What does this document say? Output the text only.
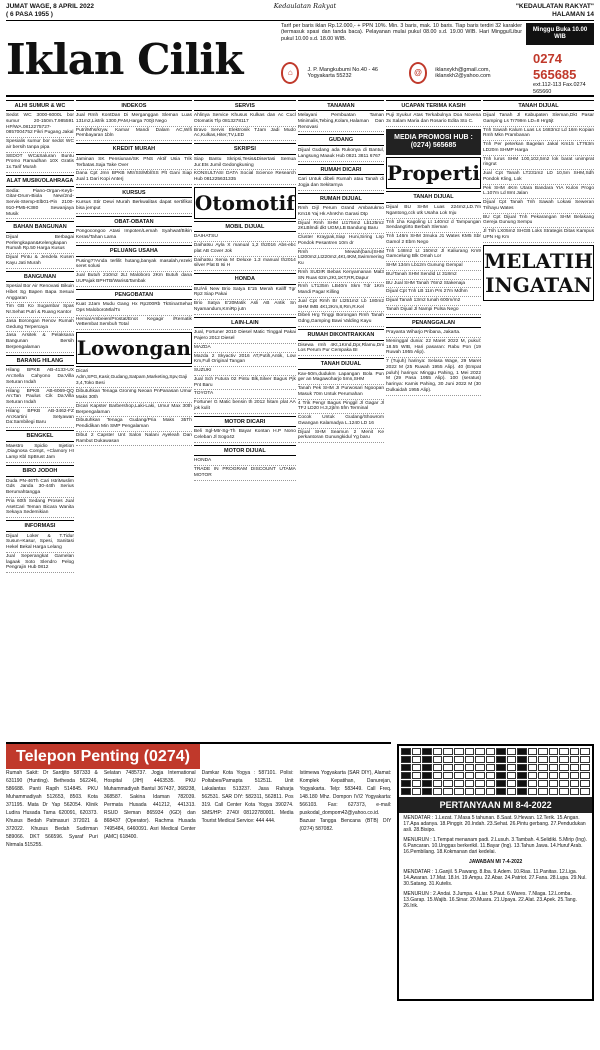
JUMAT WAGE, 8 APRIL 2022
( 6 PASA 1955 )
Kedaulatan Rakyat	"KEDAULATAN RAKYAT"
HALAMAN 14
Iklan Cilik

Tarif per baris iklan Rp.12.000,- + PPN 10%. Min. 3 baris, mak. 10 baris. Tiap baris terdiri 32 karakter (termasuk spasi dan tanda baca). Pelayanan mulai pukul 08.00 s.d. 19.00 WIB. Hari Minggu/Libur pukul 10.00 s.d. 18.00 WIB.

Minggu Buka 10.00 WIB
⌂	J. P. Mangkubumi No.40 - 46 Yogyakarta 55232	@	iklanxykh@gmail.com, iklanxkh2@yahoo.com
0274 565685
ext.112-113 Fax.0274 565660
ALHI SUMUR & WC
Sedot WC 3000-6000L bor sumur 20-150m.T.985591 HP/WA.0812275727-0857004752 Fikri Pugang Jakal
Spesialis sumur bor sedot WC air bersih tanpa pipa
SEDOT WC&Saluran Buntu Promo Ramadhan 10X Gratis 1x.Tarif Murah
ALAT MUSIK/OLAHRAGA
Sedia: Piano-Organ-Keyb-Gitar-Drum-Biola New/2nd-Servis-Stemp-Elb01-Pin 2100-910-PM5-K380 Sewanjaya Musik
BAHAN BANGUNAN
Dijual Berbagai Perlengkapan&Kelengkapan Rumah Rp.50 Harga Kusus
Dijual Pintu & Jendela Kusen Kayu Jati Murah
BANGUNAN
Spesial Bor Air Renovasi Bikuin Hibet Sg Bapen Bapa Sesuai Anggaran
Tim GB Ko Sugambar Spas Nr.Sehat Putri & Ruang Kantor
Jasa Borongan Renov Rumah Gedung Terpercaya
Jasa Arsitek & Pelaksana Bangunan Bersih Berpengalaman
BARANG HILANG
Hilang BPKB AB-4133-UX An:Sella Cahyono Da:Villa Seturan Indah
Hilang BPKB AB-6069-QQ An:Tan Paulus Cik Da:Villa Seturan Indah
Hilang BPKB AB-3462-FZ An:Kartini Setyawan Da:Sambilegi Baru
BENGKEL
Maestro Spidio Injetion ,Diagnosa Compt, +Clamory HI Lamp Kbl SpBrust Jam
BIRO JODOH
Duda PN-46Th Cari IstriMuslim Gds Janda 30-44th Serius Berumahtangga
Pria 60th Sedang Proses Jual AsetCari Teman Bicara Wanita Sekaya Sedemikian
INFORMASI
Dijual Loker & T.Tidur Susun+Kasur, Spesi, Sanitasi Hekel Bekal Harga Lelang
Jual Seperangkat Gamelan lagaak Soto Slendro Pelog Pengrajin Hub 0812
INDEKOS
Jual Rmh KontDan Di Merganggan Sleman Luas 131m2,Listrik 1300,PAM,Harga 700jt Nego
Putri/Mhs/kryw. Kamar Mandi Dalam AC,Wifi Pembayaran 1bln
KREDIT MURAH
Jaminan SK Pensiunan/SK PNS Aktif Usia Trik Terbatas.Saja Take Over
Dana Cpt Jmn BPKB Mtr/SS/Mbl/SS Plt Gani Siap Jual 1 Dari Kopi Anterj
KURSUS
Kursus Stir Dewi Murah Berkwalitas dapat sertifikat bisa jemput
OBAT-OBATAN
Pongocongoo Atasi Impoten/Lemah Syahwat/Bikin Keras/Tahan Lama
PELUANG USAHA
Pusing??Anda terlilit hutang,banyak masalah,rezeki seret solusi
Jual Butuh 210m2 2Lt Maloboro 2Km Butuh dana UUPajak BPHTB/Waris&Tambak
PENGOBATAN
Kuat 2Jam Mudu Gang Hx Rp200Rb TkSinarSehat Ops MaloboroMlalTx
Hemia/Ambeien/Prostat/Enot Kegagir /Rematik VeBembat Sembuh Total
Lowongan
Dicari Adm,SPG,Kasir,Gudang,Satpam,Marketing,Spv,Gaji 3,4,Toko Besi
Dibutuhkan Tenaga Gronmg Neoan PnPanasan Umur Maks 30th
Dicari Kapster Barbershop,Laki-Laki, Umur Max 30th Berpengalaman
Dibutuhkan Tenaga Gudang/Pria Maks 35Th Pendidikan Min SMP Pengalaman
Dibut 2 Capster Unt Salon Nalani Ayeleah Dan Rambut Dukawasan
SERVIS
Ahlinya Service Khusus Kulkas dan Ac Cucl Otomatis Tlp 0813278117
Bravo Servis Elektronik TJam Jadi Mudo Ac,Kulkas,Hiter,TV,LED
SKRIPSI
Siap Bantu Skripsi,Tesis&Disertasi Semua Jur.Ets Jumil Gedongkuning
KONSULTASI DATA Social Science Research Hub 081225631335
Otomotif
MOBIL DIJUAL
DAIHATSU
Daihatsu Ayla X manual 1,2 th2016 Abs-ebc plat AB Cover Jok
Daihatsu Xenia M Deluxe 1.3 manual th2014 silver Plat B Isi H
HONDA
BU/Ali New Brio Satya E'15 Merah Kaliff Tgr Rp2 Siap Pakai
Brio Satya E'20Matik Asli AB Antik Sn Nyamandum,KmiRp jutn
LAIN-LAIN
Jual, Fortuner 2010 Diesel Matic Tinggal Pakai Pajero 2012 Diesel
MAZDA
Mazda 2 Skyactiv 2016 AT,Putih,Antik, Low Km,Full Original Tangan
SUZUKI
Jual Sch Futura 02 Pintu Blk,Silver Bagus Pjk Pnt Baru
TOYOTA
Fortuner G Matic bensin th 2012 hitam plat AA jok kulit
MOTOR DICARI
Beli Sgl-Mtr-Sg-Th Bayar Kontan H.P Nono Celeban Jl Sogo42
MOTOR DIJUAL
HONDA
TRADE IN PROGRAM DISCOUNT UTAMA MOTOR
TANAMAN
Melayani Pembuatan Taman Minimalis,Tebing,Kolam,Halaman Dan Renovasi
GUDANG
Dijual Gudang ada Rukonya di Bantul, Langsung Maauk Hub 0821 3811 6767
RUMAH DICARI
Cari Untuk dibeli Rumah atau Tanah di Jogja dan Sekitarnya
RUMAH DIJUAL
Rmh Dijl Perum Grand Ambarukmo Km16 Yaj Hk AhnKhn Garasi Dtp
Dijual Rmh SHM Lt175m2 Lb125m2 2KLBlmdi dkt UGM,LB Bandung Baru
Cluster Kraypak,Siap Huni,Siring Lnp Pondok Pesantren 10m dr
Rmh Mewah(baru)SHM Lt200m2,Lt220m2,4Kt,4KM,Swimmering Ku
Rmh SUDIR Bebas Kenyamanan Mal3 SN Ruas 62m,2Kt,1KT,RR,Dapur
Rmh LT135m LB40m Skm Tdr 1Km Mandi Pagar Killing
Jual Cpt Rmh Br Lt251m2 Lb 180m2 SHM IMB 4Kt,2Km,8,Rm,R.Kel
Dibeli Hrg Tinggi Borongan Rmh Tanah Gdng,Gamping Bawi Valding Kayu
RUMAH DIKONTRAKKAN
Disewa rmh 4Kt,1Kmd,Dpr,Rlamu,Dni Los Perum Pur Cempaka BI
TANAH DIJUAL
Kav-50m,dudukm Lapangan Bola Pun ger an Magawoharjo 5mn,SHM
Tanah Pek SHM JI Purwosari Ngoopan Masuk 70m Untuk Perumahan
4 Trik Pengr Bagus Pinggil Jl Gagar Jl TFJ LD20 H.3,2jt/m 5fm Terminal
Cocok Untuk Gudang/Showrom Gwangan Kalamadya L.1240 LD 16
Dijual SHM Seamun 2 Menit Ke perkantoran Gunungkidul Yg baru
UCAPAN TERIMA KASIH
Puji Syukur Atas Terkabulnya Doa Novena 3x Salam Maria dan Rosario Edita Sto C.
MEDIA PROMOSI HUB : (0274) 565685
Properti
TANAH DIJUAL
Dijual BU SHM Luas 224m2,LD.7m Ngantong,cck utk Usaha Lok Inju
Tnh 1ha Kagoling Lt 140m2 d Tampungan Sendangtirto Berbah Sleman
Tnh 146m SHM 3muka J1 Wates KM5 Sbr Gamol 2 Ebrn Nego
Tnh 148m2 Lt 150m2 Jl Kaliurang Km9 Gamcelung Blk Omah Lor
SHM 134m Lb12m Gunung Gempal
BU/Tanah SHM Sendid Lt 318m2
BU Jual SHM Tanah 76m2 Stakenaja
Dijual Cpt Tnh LB 11m Prs 27m Mdhm
Dijual Tanah 13m2 tunah 600m/m2
Tanah Dijual Jl Nampi Pulsa Nego
PENANGGALAN
Prayanta Wiharjo Pribana, Jakarta.
Meninggal dunia: 22 Maret 2022 M, pukul: 18.55 WIB, Hari pasaran: Rabu Pon (19 Ruwah 1955 Alip).
7 (Tujuh) harinya: Selasa Wage, 29 Maret 2022 M (25 Ruwah 1955 Alip). 40 (Empat puluh) harinya: Minggu Pahing, 1 Mei 2022 M (29 Pasa 1955 Alip). 100 (seratus) harinya: Kamis Pahing, 30 Juni 2022 M (30 Dulkaidah 1955 Alip).
TANAH DIJUAL
Dijual Tanah Jl Kabupaten Sleman,Dkt Pasar Gamping Ls Tr799m LD=8 Hrg5jt
Tnh Sawah Kalum Luas Ls 1683m2 Ld 16m Kopian Rmh Mkn Prambanan
Tnh Per peterkan Bagelan Jakal Km15 LT763m LD20m SHMP Harga
Tnh lurus SHM 100,102,5m2 lok barat unimprat ringrut
Jual Cpt Tanah LT231m2 LD 10,5m SHM,Sdh Pondok Kling, Lok
Pek SHM 4Km Utara Bandara YIA Kulon Progo L.107m Ld 8mt Jalan
Dijual Cpt Tanah Tnh Sawah Lokasi Seweran Trihayu Wates
BU Cpt Dijual Tnh Pekarangan SHM Belakang Gereja Gunung Sempu
Jl Trih LX05m2 SHGB Loks Strategis Ditas Kampus UPN Hg Km
MELATIH INGATAN
Telepon Penting (0274)
Rumah Sakit: Dr Sardjito 587333 & 631190 (Hunting). Bethesda 562246, 586688. Panti Rapih 514845. PKU Muhammadiyah 512653, 8503. Kota 371195. Mata Dr Yap 562054. Klinik Ludira Husada Tama 620091, 620373. Khusus Bedah Patmasuri 372021 & 372022. Khusus Bedah Sudirman 589066. DKT 566596. Syaraf Puri Nirmala 515255.
Selatan 7485737. Jogja International Hospital (JIH) 4463535. PKU Muhammadiyah Bantul 367437, 368238, 368587. Sakina Idaman 782039. Permata Husada 441212, 441313. RSUD Sleman 865934 (IGD) dan 868437 (Operator). Rachma Husada 7495484, 6460091. Asri Medical Center (AMC) 618400.
Damkar Kota Yogya : 587101. Polisi: Poltabes/Pamapta 512511. Unit Lakalantas 513237. Jasa Raharja 562531. SAR DIY: 582311, 562811. Pos 319. Call Center Kota Yogya 390274. SMS/HP: 2740/ 08122780001. Media Tourist Medical Service: 444 444.
Istimewa Yogyakarta (SAR DIY), Alamat: Komplek Kepatihan, Danurejan, Yogyakarta. Telp: 583449. Call Freq. 148.180 Mhz. Dompon IV/2 Yogyakarta: 566103. Fax: 627373, e-mail: puskodal_dompom42@yahoo.co.id. Bazuar Tangga Bencana (BTB) DIY (0274) 587082.
PERTANYAAN MI 8-4-2022

MENDATAR : 1.Lezat. 7.Masa 5 tahunan. 8.Saat. 9.Hewan. 12.Terik. 15.Angan. 17.Apa adanya. 18.Pinggir. 20.Indah. 23.Sehat. 26.Pintu gerbang. 27.Pendudukan asli. 28.Bisipo.

MENURUN : 1.Tempat menanam padi. 2.Lusuh. 3.Tambah. 4.Selidiki. 5.Mirip (Ing). 6.Pancaran. 10.Unggas berkerikil. 11.Bayar (lng). 13.Tahun Jawa. 14.Huruf Arab. 16.Pembilang. 18.Kokmanan dari kedelai.

JAWABAN MI 7-4-2022

MENDATAR : 1.Ganjil. 5.Pawang. 8.Iba. 9.Adem. 10.Rias. 11.Panitas. 12.Liga. 14.Awaran. 17.Mat. 18.Iri. 19.Ampu. 22.Abar. 24.Patriot. 27.Fana. 28.Lupa. 29.Nul. 30.Satang. 31.Kutelis.

MENURUN : 2.Andai. 3.Jumpa. 4.Liar. 5.Paut. 6.Wares. 7.Nlaga. 12.Lomba. 13.Garap. 15.Wajib. 16.Sinar. 20.Muara. 21.Upaya. 22.Alat. 23.Apek. 25.Tang. 26.Irik.
